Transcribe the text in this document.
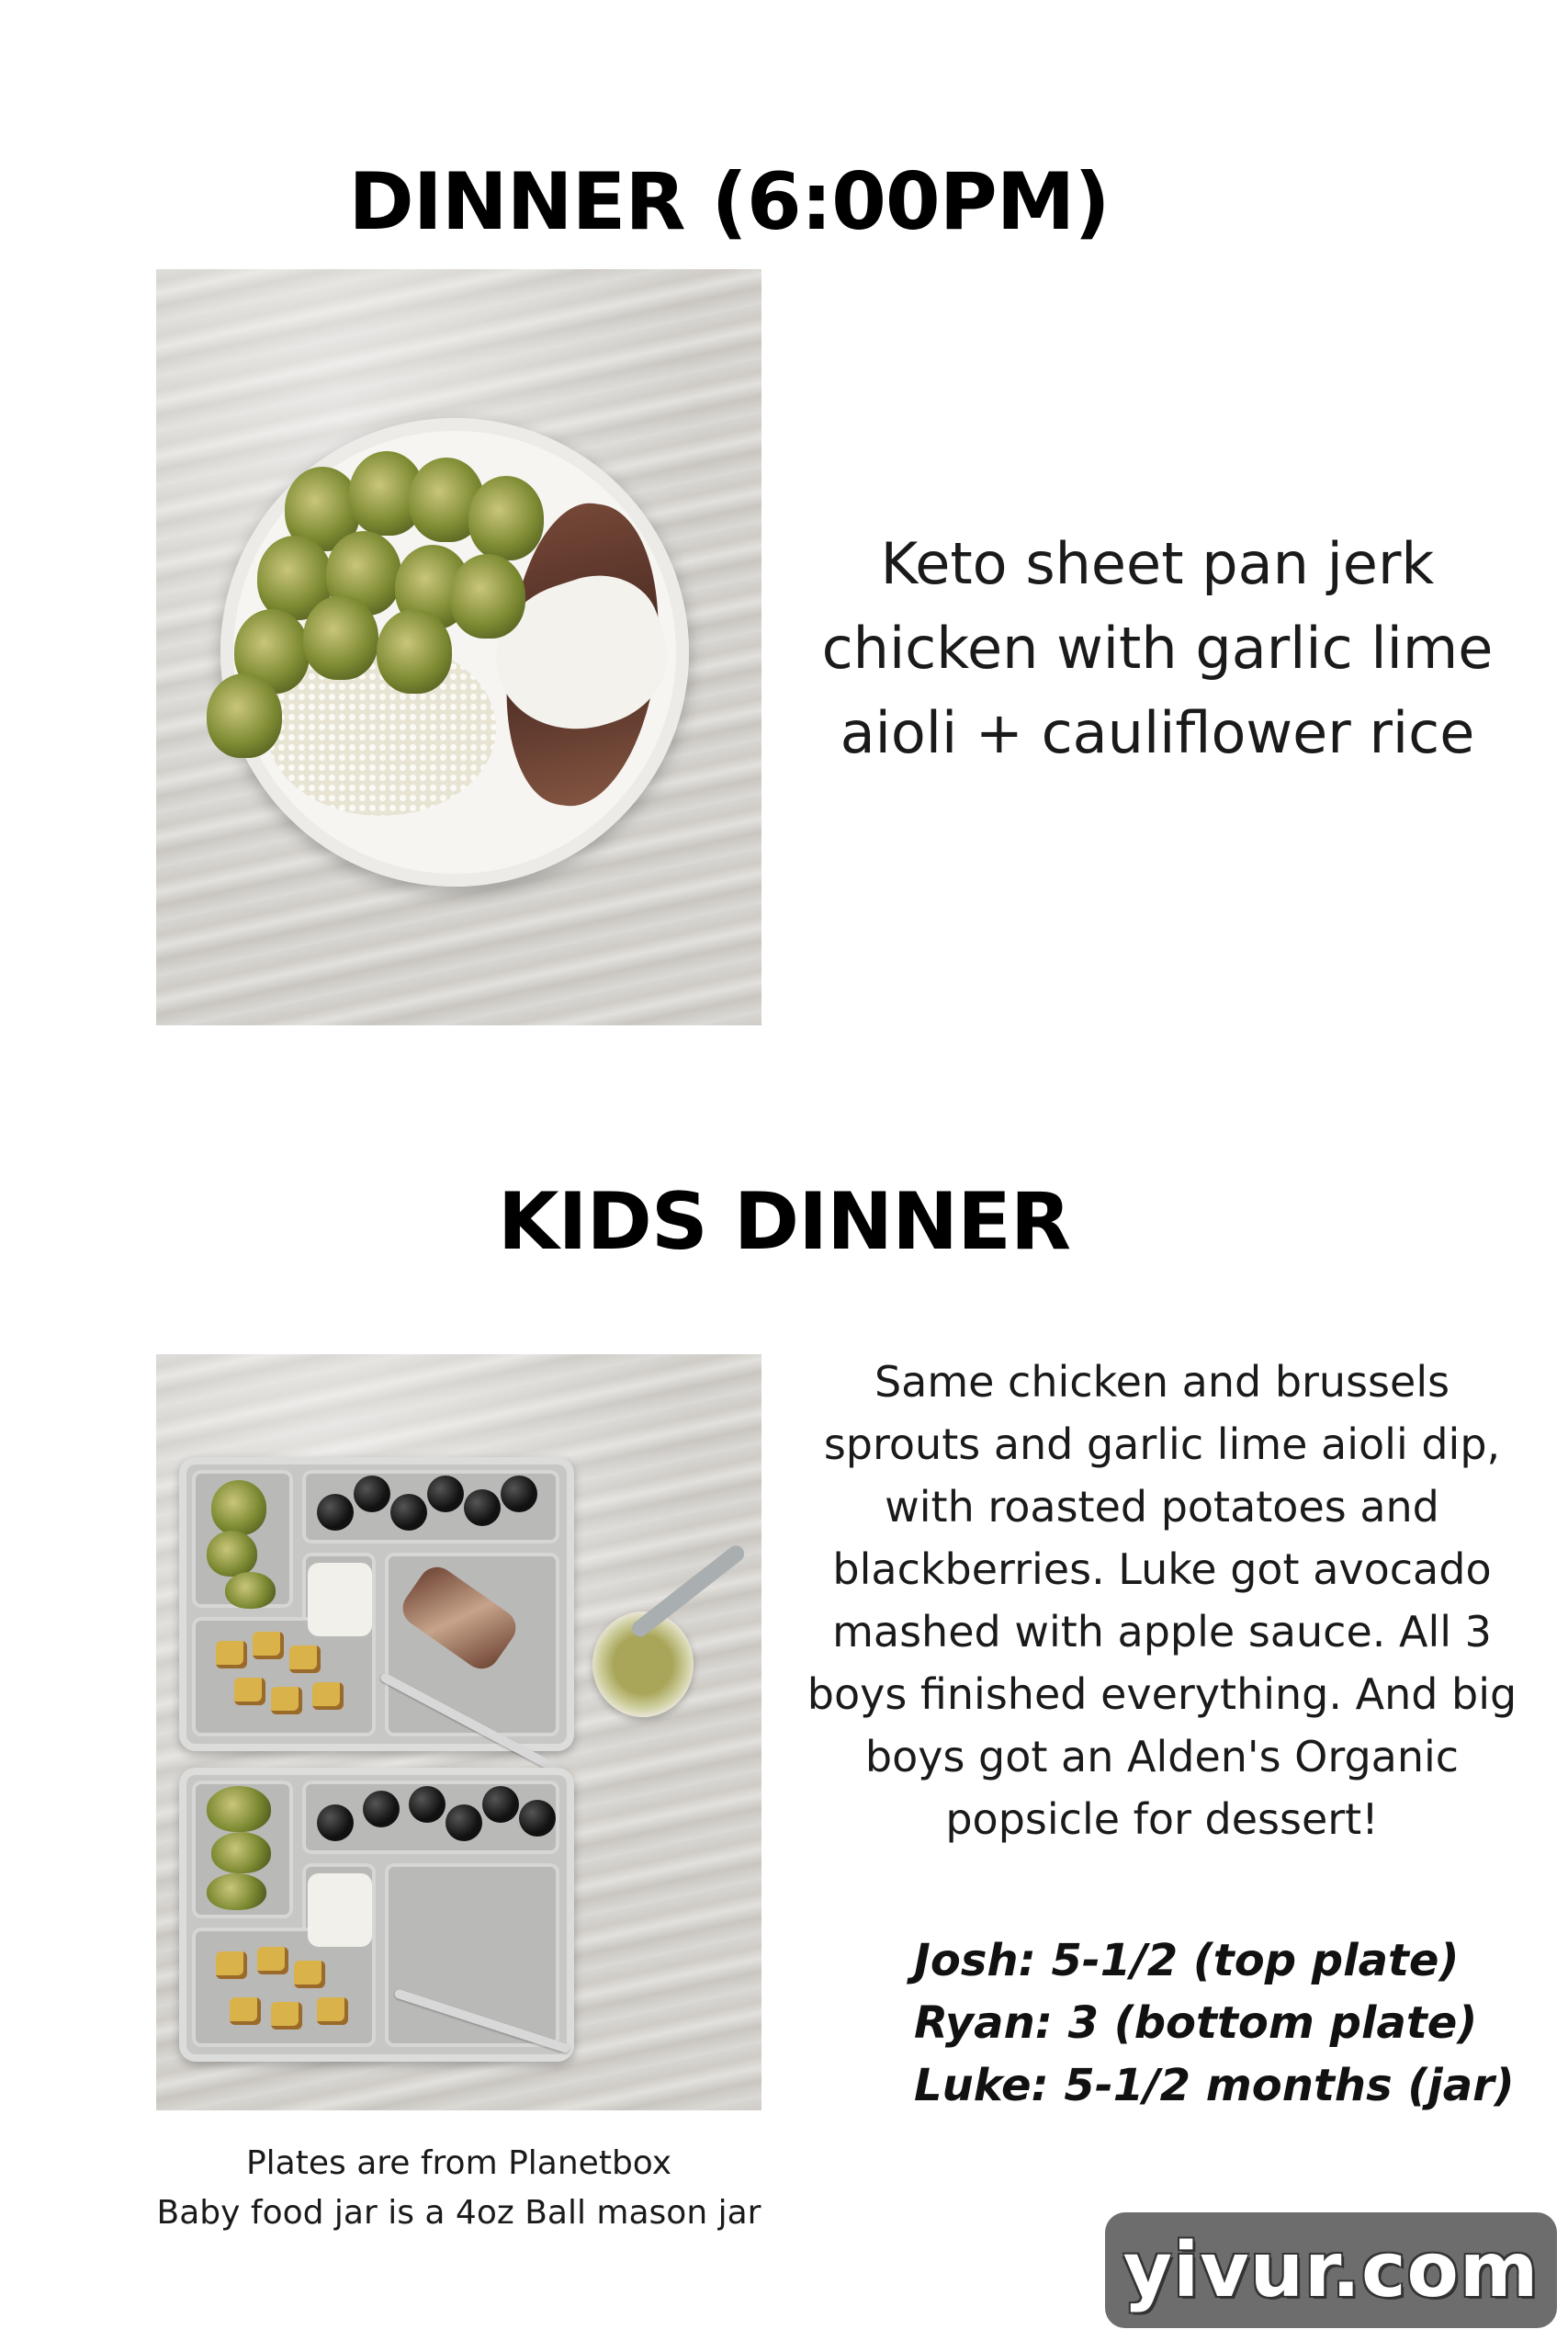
DINNER (6:00PM)
Keto sheet pan jerk
chicken with garlic lime
aioli + cauliflower rice
KIDS DINNER
Same chicken and brussels
sprouts and garlic lime aioli dip,
with roasted potatoes and
blackberries. Luke got avocado
mashed with apple sauce. All 3
boys finished everything. And big
boys got an Alden's Organic
popsicle for dessert!
Josh: 5-1/2 (top plate)
Ryan: 3 (bottom plate)
Luke: 5-1/2 months (jar)
Plates are from Planetbox
Baby food jar is a 4oz Ball mason jar
yivur.com
